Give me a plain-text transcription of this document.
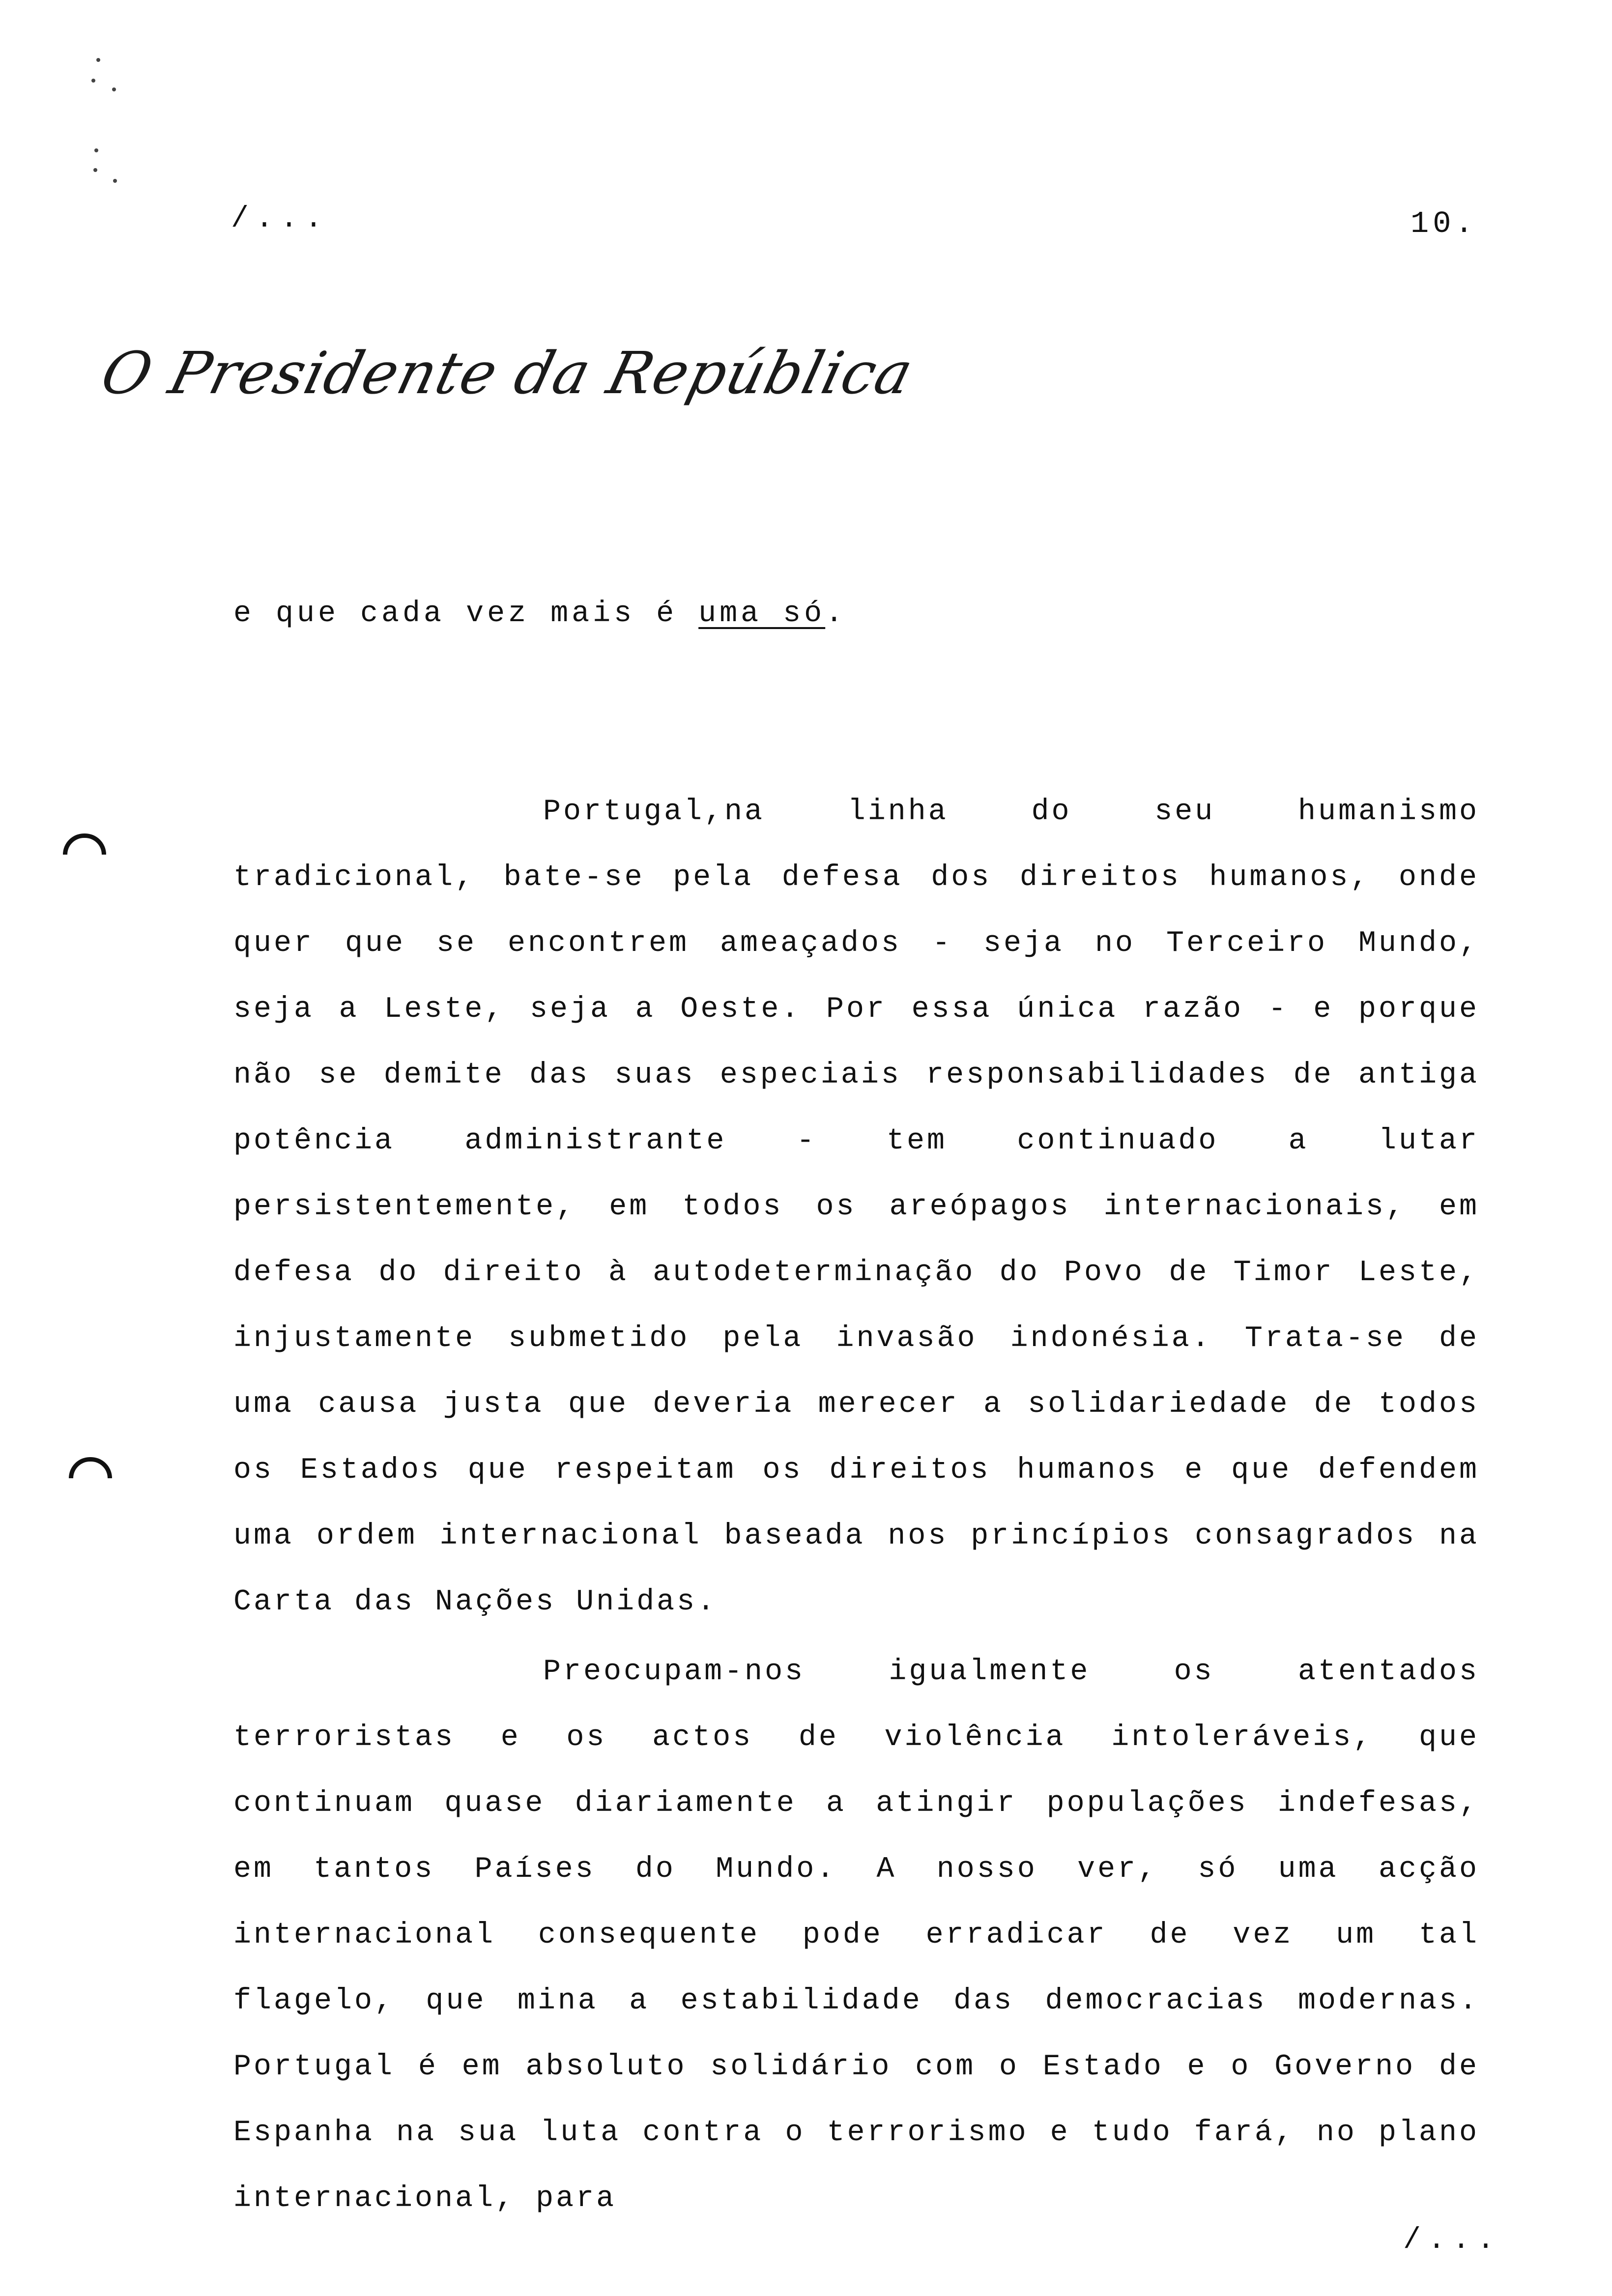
/...	10.
O Presidente da República
e que cada vez mais é uma só.
Portugal,na linha do seu humanismo tradicional, bate-se pela defesa dos direitos humanos, onde quer que se encontrem ameaçados - seja no Terceiro Mundo, seja a Leste, seja a Oeste. Por essa única razão - e porque não se demite das suas especiais responsabilidades de antiga potência administrante - tem continuado a lutar persistentemente, em todos os areópagos internacionais, em defesa do direito à autodeterminação do Povo de Timor Leste, injustamente submetido pela invasão indonésia. Trata-se de uma causa justa que deveria merecer a solidariedade de todos os Estados que respeitam os direitos humanos e que defendem uma ordem internacional baseada nos princípios consagrados na Carta das Nações Unidas.
Preocupam-nos igualmente os atentados terroristas e os actos de violência intoleráveis, que continuam quase diariamente a atingir populações indefesas, em tantos Países do Mundo. A nosso ver, só uma acção internacional consequente pode erradicar de vez um tal flagelo, que mina a estabilidade das democracias modernas. Portugal é em absoluto solidário com o Estado e o Governo de Espanha na sua luta contra o terrorismo e tudo fará, no plano internacional, para
/...
